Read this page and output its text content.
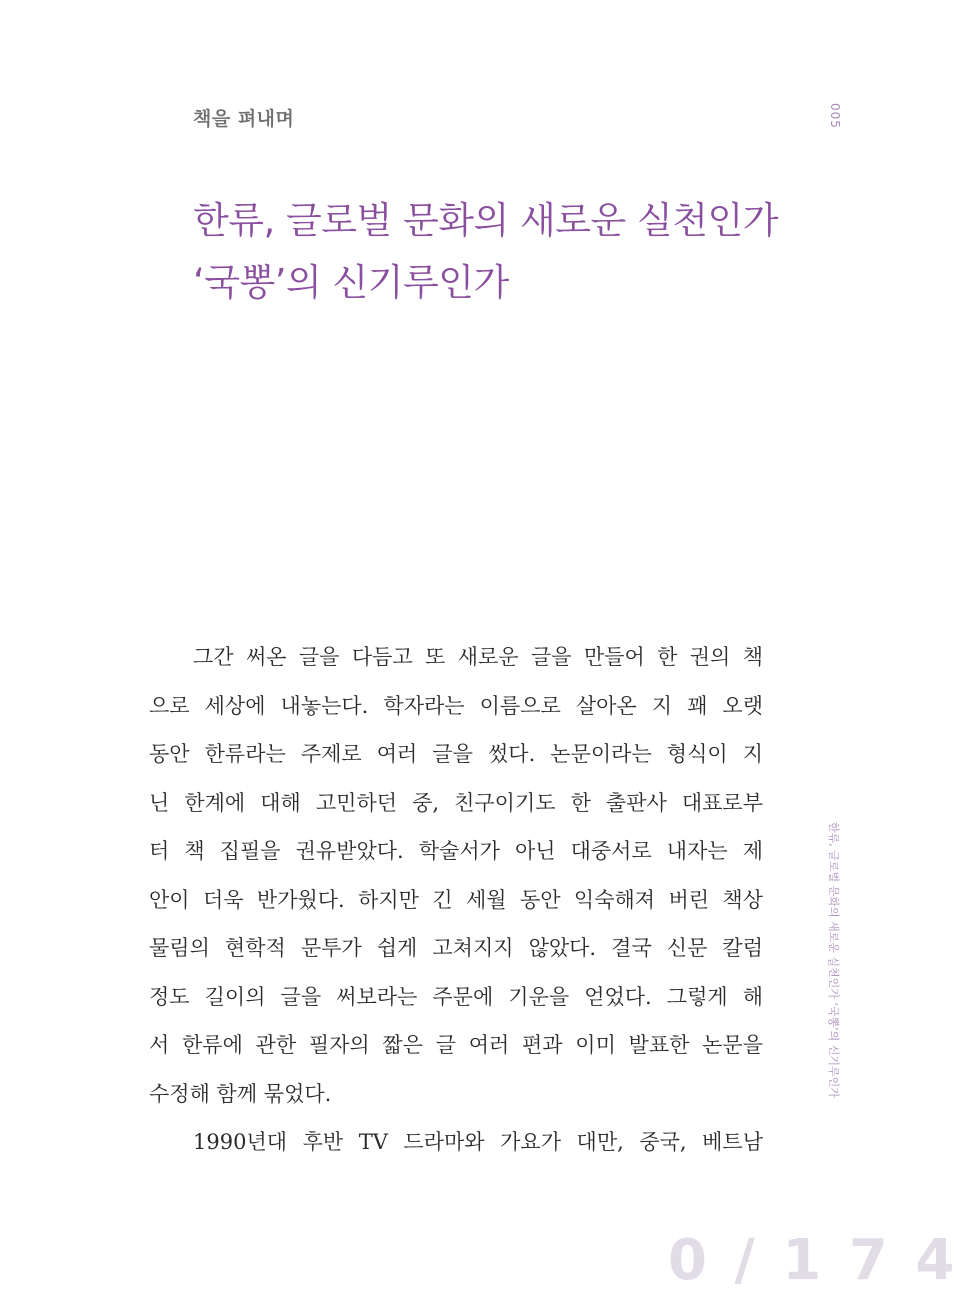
책을 펴내며	005
한류, 글로벌 문화의 새로운 실천인가
‘국뽕’의 신기루인가
한류, 글로벌 문화의 새로운 실천인가 ‘국뽕’의 신기루인가
그간 써온 글을 다듬고 또 새로운 글을 만들어 한 권의 책
으로 세상에 내놓는다. 학자라는 이름으로 살아온 지 꽤 오랫
동안 한류라는 주제로 여러 글을 썼다. 논문이라는 형식이 지
닌 한계에 대해 고민하던 중, 친구이기도 한 출판사 대표로부
터 책 집필을 권유받았다. 학술서가 아닌 대중서로 내자는 제
안이 더욱 반가웠다. 하지만 긴 세월 동안 익숙해져 버린 책상
물림의 현학적 문투가 쉽게 고쳐지지 않았다. 결국 신문 칼럼
정도 길이의 글을 써보라는 주문에 기운을 얻었다. 그렇게 해
서 한류에 관한 필자의 짧은 글 여러 편과 이미 발표한 논문을
수정해 함께 묶었다.
1990년대 후반 TV 드라마와 가요가 대만, 중국, 베트남
0 / 1 7 4
